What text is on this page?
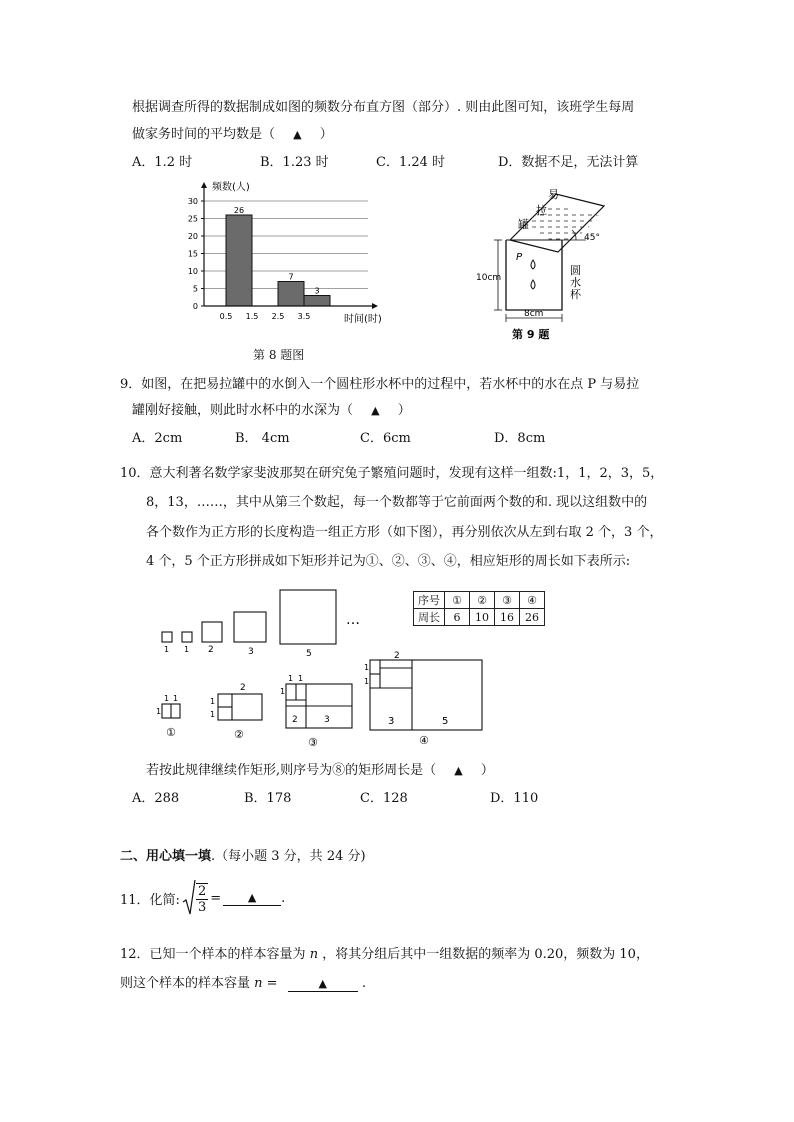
根据调查所得的数据制成如图的频数分布直方图（部分）. 则由此图可知，该班学生每周
做家务时间的平均数是（ ▲ ）
A．1.2 时	B．1.23 时	C．1.24 时	D．数据不足，无法计算
26
7
3
0
5
10
15
20
25
30
0.5 1.5 2.5 3.5
频数(人)
时间(时)
第 8 题图
易
拉
罐
圆
水
杯
45°
10cm
8cm
P
第 9 题
9．如图，在把易拉罐中的水倒入一个圆柱形水杯中的过程中，若水杯中的水在点 P 与易拉
罐刚好接触，则此时水杯中的水深为（ ▲ ）
A．2cm	B． 4cm	C．6cm	D．8cm
10．意大利著名数学家斐波那契在研究兔子繁殖问题时，发现有这样一组数:1，1，2，3，5，
8，13，……，其中从第三个数起，每一个数都等于它前面两个数的和. 现以这组数中的
各个数作为正方形的长度构造一组正方形（如下图），再分别依次从左到右取 2 个，3 个，
4 个，5 个正方形拼成如下矩形并记为①、②、③、④，相应矩形的周长如下表所示:
1 1 2	3	5
…
1 1
1
①
2
1
1
②
1 1
1
2	3
③
2
1
1
3	5
④
序号	①	②	③	④
周长	6	10	16	26
若按此规律继续作矩形,则序号为⑧的矩形周长是（ ▲ ）
A．288	B．178	C．128	D．110
二、用心填一填.（每小题 3 分，共 24 分)
11．化简: $\frac{2}{3}$ =	▲	.
12．已知一个样本的样本容量为 n ，将其分组后其中一组数据的频率为 0.20，频数为 10，
则这个样本的样本容量 n =	▲	.
